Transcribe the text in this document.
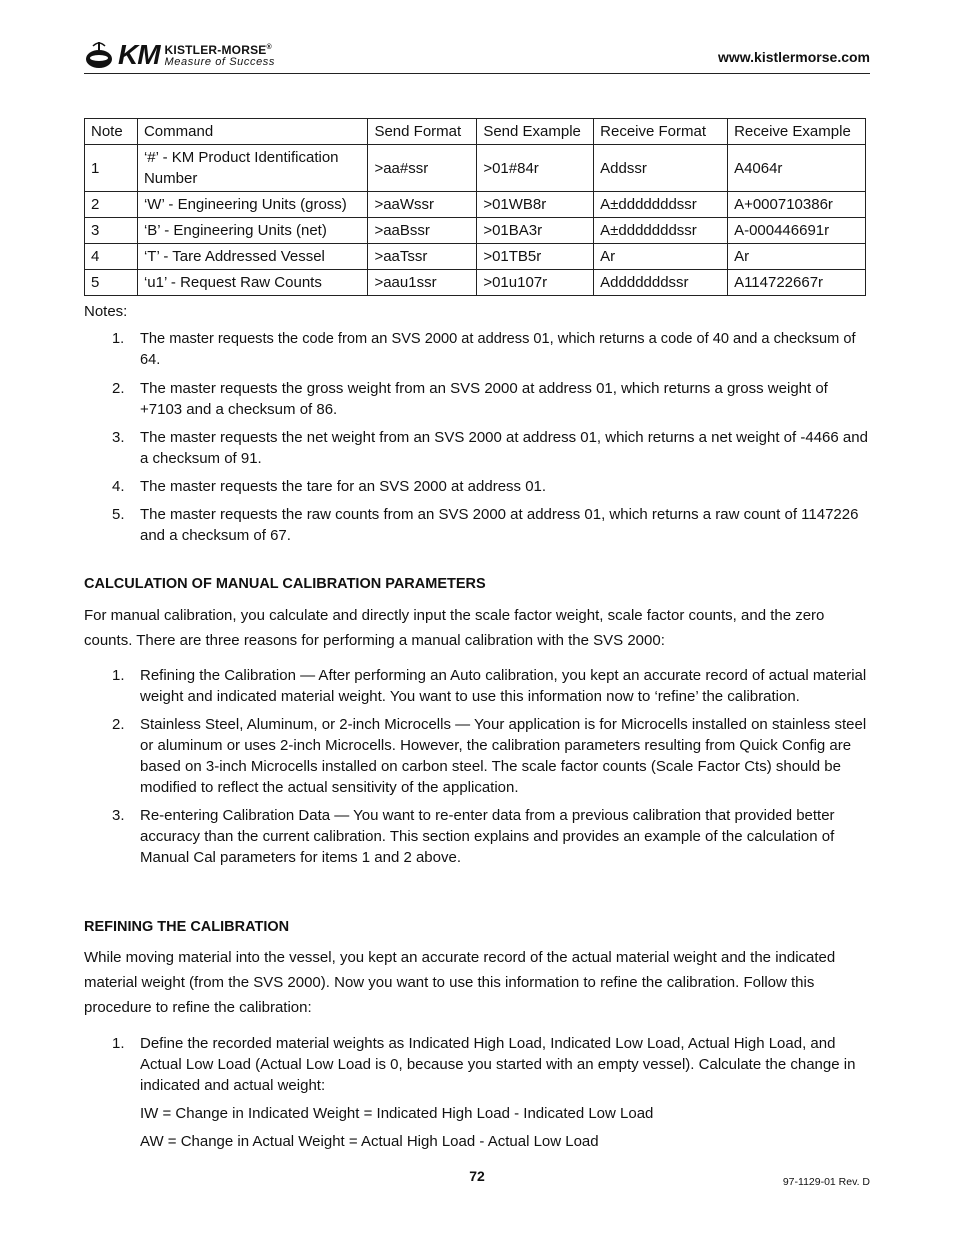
KM KISTLER-MORSE®
Measure of Success	www.kistlermorse.com
Note	Command	Send Format	Send Example	Receive Format	Receive Example
1	‘#’ - KM Product Identification Number	>aa#ssr	>01#84r	Addssr	A4064r
2	‘W’ - Engineering Units (gross)	>aaWssr	>01WB8r	A±dddddddssr	A+000710386r
3	‘B’ - Engineering Units (net)	>aaBssr	>01BA3r	A±dddddddssr	A-000446691r
4	‘T’ - Tare Addressed Vessel	>aaTssr	>01TB5r	Ar	Ar
5	‘u1’ - Request Raw Counts	>aau1ssr	>01u107r	Adddddddssr	A114722667r

Notes:

1. The master requests the code from an SVS 2000 at address 01, which returns a code of 40 and a checksum of 64.
2. The master requests the gross weight from an SVS 2000 at address 01, which returns a gross weight of +7103 and a checksum of 86.
3. The master requests the net weight from an SVS 2000 at address 01, which returns a net weight of -4466 and a checksum of 91.
4. The master requests the tare for an SVS 2000 at address 01.
5. The master requests the raw counts from an SVS 2000 at address 01, which returns a raw count of 1147226 and a checksum of 67.
CALCULATION OF MANUAL CALIBRATION PARAMETERS

For manual calibration, you calculate and directly input the scale factor weight, scale factor counts, and the zero counts. There are three reasons for performing a manual calibration with the SVS 2000:

1. Refining the Calibration — After performing an Auto calibration, you kept an accurate record of actual material weight and indicated material weight. You want to use this information now to ‘refine’ the calibration.
2. Stainless Steel, Aluminum, or 2-inch Microcells — Your application is for Microcells installed on stainless steel or aluminum or uses 2-inch Microcells. However, the calibration parameters resulting from Quick Config are based on 3-inch Microcells installed on carbon steel. The scale factor counts (Scale Factor Cts) should be modified to reflect the actual sensitivity of the application.
3. Re-entering Calibration Data — You want to re-enter data from a previous calibration that provided better accuracy than the current calibration. This section explains and provides an example of the calculation of Manual Cal parameters for items 1 and 2 above.
REFINING THE CALIBRATION

While moving material into the vessel, you kept an accurate record of the actual material weight and the indicated material weight (from the SVS 2000). Now you want to use this information to refine the calibration. Follow this procedure to refine the calibration:

1. Define the recorded material weights as Indicated High Load, Indicated Low Load, Actual High Load, and Actual Low Load (Actual Low Load is 0, because you started with an empty vessel). Calculate the change in indicated and actual weight:
IW = Change in Indicated Weight = Indicated High Load - Indicated Low Load
AW = Change in Actual Weight = Actual High Load - Actual Low Load
72	97-1129-01 Rev. D
